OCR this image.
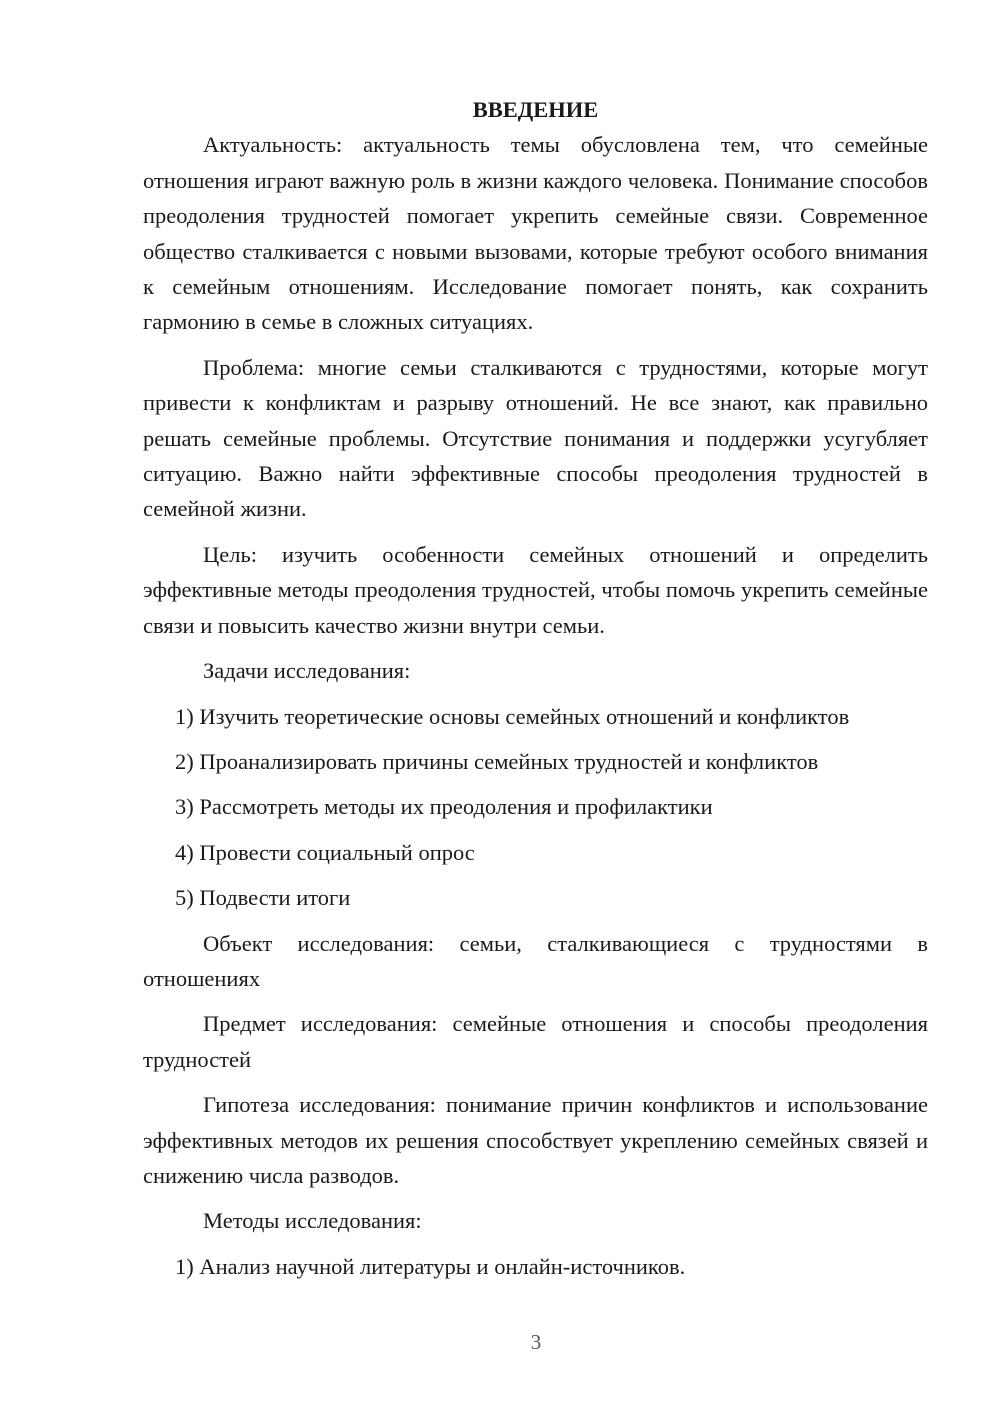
ВВЕДЕНИЕ

Актуальность: актуальность темы обусловлена тем, что семейные отношения играют важную роль в жизни каждого человека. Понимание способов преодоления трудностей помогает укрепить семейные связи. Современное общество сталкивается с новыми вызовами, которые требуют особого внимания к семейным отношениям. Исследование помогает понять, как сохранить гармонию в семье в сложных ситуациях.

Проблема: многие семьи сталкиваются с трудностями, которые могут привести к конфликтам и разрыву отношений. Не все знают, как правильно решать семейные проблемы. Отсутствие понимания и поддержки усугубляет ситуацию. Важно найти эффективные способы преодоления трудностей в семейной жизни.

Цель: изучить особенности семейных отношений и определить эффективные методы преодоления трудностей, чтобы помочь укрепить семейные связи и повысить качество жизни внутри семьи.

Задачи исследования:

1) Изучить теоретические основы семейных отношений и конфликтов

2) Проанализировать причины семейных трудностей и конфликтов

3) Рассмотреть методы их преодоления и профилактики

4) Провести социальный опрос

5) Подвести итоги

Объект исследования: семьи, сталкивающиеся с трудностями в отношениях

Предмет исследования: семейные отношения и способы преодоления трудностей

Гипотеза исследования: понимание причин конфликтов и использование эффективных методов их решения способствует укреплению семейных связей и снижению числа разводов.

Методы исследования:

1) Анализ научной литературы и онлайн-источников.

3
